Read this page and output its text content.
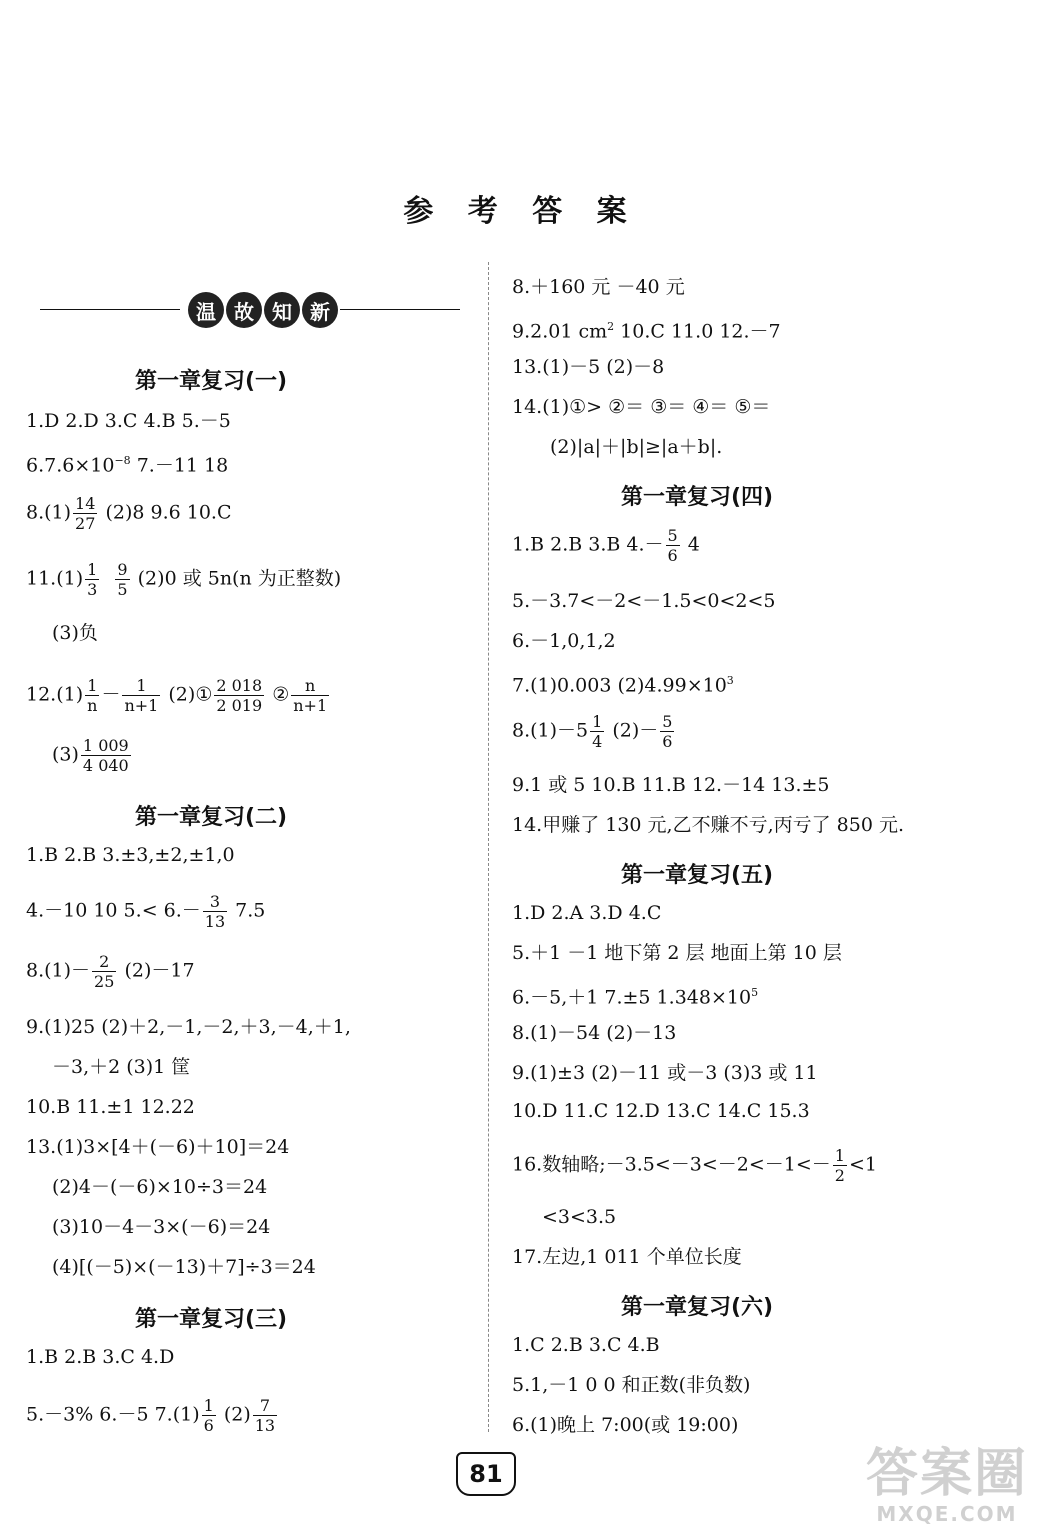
参 考 答 案
温 故 知 新
第一章复习(一)
1.D 2.D 3.C 4.B 5.－5
$6.7.6\times 10^{-8}$ 7.－11 18
$8.(1) \frac{14}{27} (2)8$ 9.6 10.C
$11.(1) \frac{1}{3}$
$\frac{9}{5} (2)0$ 或 5n(n 为正整数)
(3)负
$12.(1) \frac{1}{n} - \frac{1}{n+1}$ (2)① $\frac{2 018}{2 019}$ ② $\frac{n}{n+1}$
$(3) \frac{1 009}{4 040}$
第一章复习(二)
1.B 2.B 3.±3,±2,±1,0
4.－10 10 $5.< 6.- \frac{3}{13} 7.5$
$8.(1)- \frac{2}{25} (2)-17$
9.(1)25 (2)＋2,－1,－2,＋3,－4,＋1,
－3,＋2 (3)1 筐
10.B 11.±1 12.22
13.(1)3×[4＋(－6)＋10]＝24
(2)4－(－6)×10÷3＝24
(3)10－4－3×(－6)＝24
(4)[(－5)×(－13)＋7]÷3＝24
第一章复习(三)
1.B 2.B 3.C 4.D
5.－3% 6.－5 $7.(1) \frac{1}{6} (2) \frac{7}{13}$
8.＋160 元 －40 元
9.2.01 $cm^2$ 10.C 11.0 12.－7
13.(1)－5 (2)－8
14.(1)①> ②＝ ③＝ ④＝ ⑤＝
(2)|a|＋|b|≥|a＋b|.
第一章复习(四)
1.B 2.B 3.B $4.- \frac{5}{6} 4$
5.－3.7<－2<－1.5<0<2<5
6.－1,0,1,2
7.(1)0.003 $(2)4.99\times 10^3$
$8.(1)-5 \frac{1}{4} (2)- \frac{5}{6}$
9.1 或 5 10.B 11.B 12.－14 13.±5
14.甲赚了 130 元,乙不赚不亏,丙亏了 850 元.
第一章复习(五)
1.D 2.A 3.D 4.C
5.＋1 －1 地下第 2 层 地面上第 10 层
6.－5,＋1 7.±5 $1.348\times 10^5$
8.(1)－54 (2)－13
9.(1)±3 (2)－11 或－3 (3)3 或 11
10.D 11.C 12.D 13.C 14.C 15.3
16.数轴略;－3.5<－3<－2<－1<－ $\frac{1}{2} <1$
<3<3.5
17.左边,1 011 个单位长度
第一章复习(六)
1.C 2.B 3.C 4.B
5.1,－1 0 0 和正数(非负数)
6.(1)晚上 7:00(或 19:00)
81	答案圈
MXQE.COM
